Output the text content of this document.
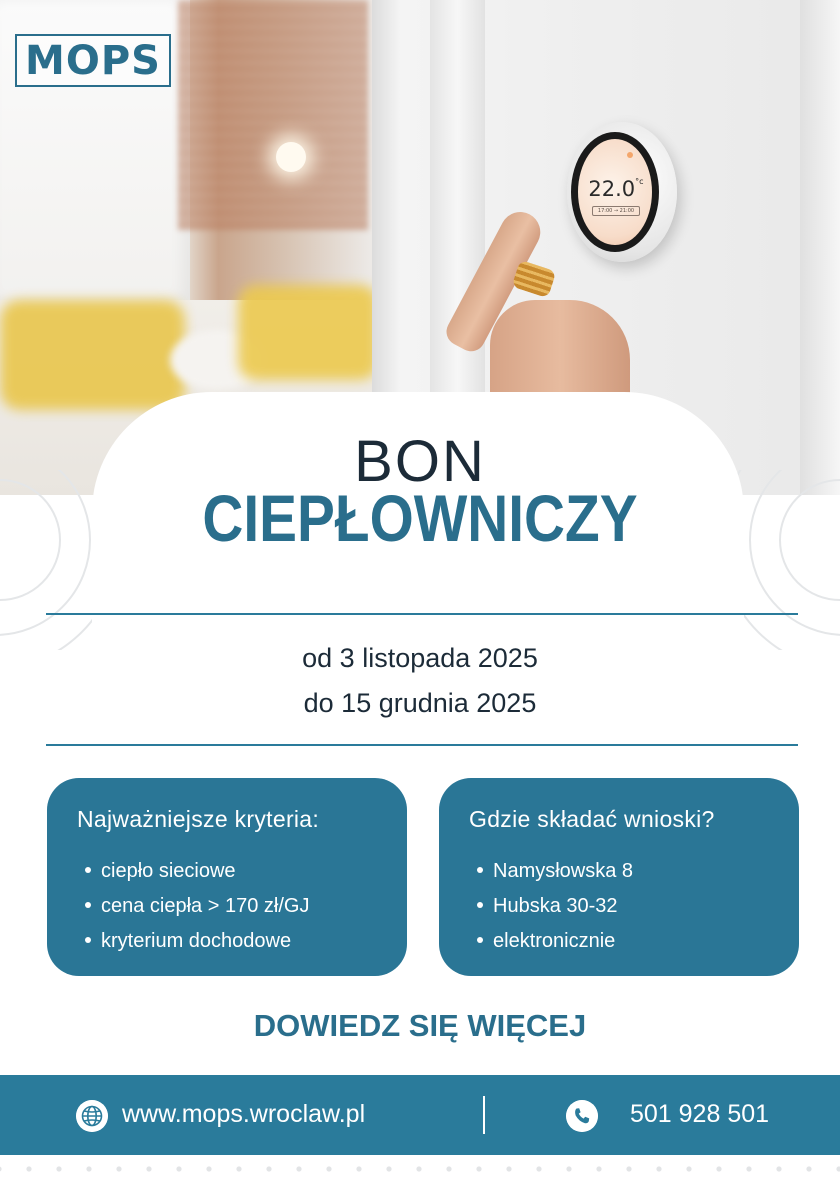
$22.0^{^\circ c}$
17:00 → 21:00
MOPS
BON
CIEPŁOWNICZY
od 3 listopada 2025
do 15 grudnia 2025
Najważniejsze kryteria:
ciepło sieciowe
cena ciepła > 170 zł/GJ
kryterium dochodowe
Gdzie składać wnioski?
Namysłowska 8
Hubska 30-32
elektronicznie
DOWIEDZ SIĘ WIĘCEJ
www.mops.wroclaw.pl	501 928 501
